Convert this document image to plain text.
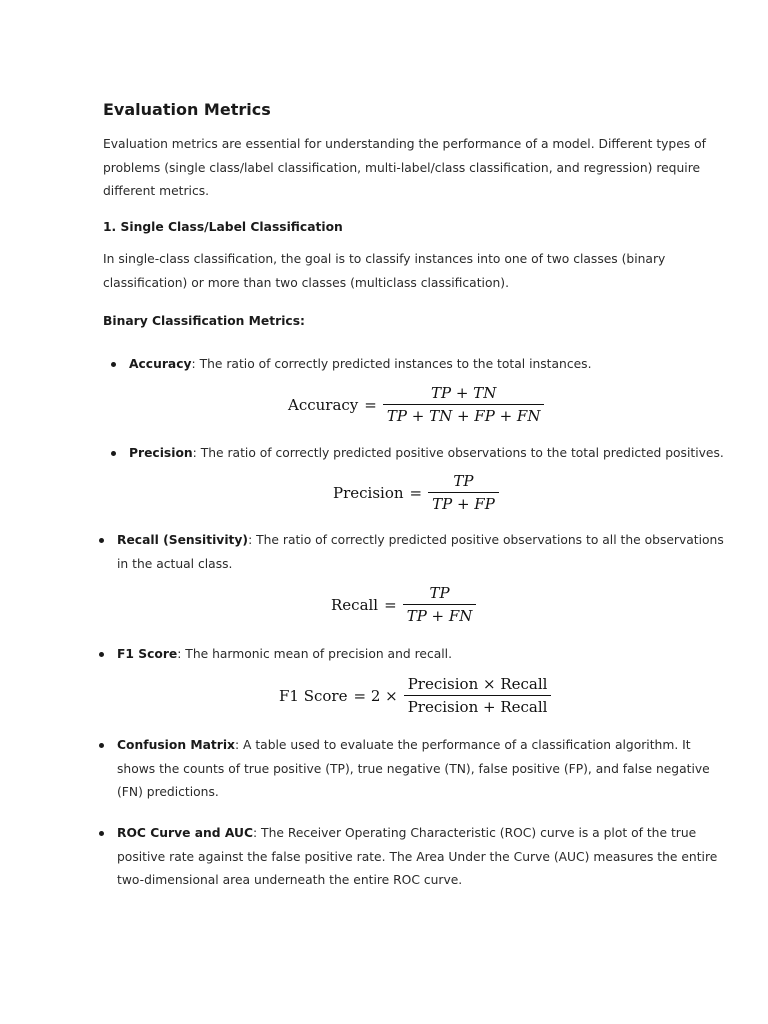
Evaluation Metrics

Evaluation metrics are essential for understanding the performance of a model. Different types of
problems (single class/label classification, multi-label/class classification, and regression) require
different metrics.

1. Single Class/Label Classification

In single-class classification, the goal is to classify instances into one of two classes (binary
classification) or more than two classes (multiclass classification).

Binary Classification Metrics:
Accuracy: The ratio of correctly predicted instances to the total instances.
Accuracy = $\frac{TP + TN}{TP + TN + FP + FN}$
Precision: The ratio of correctly predicted positive observations to the total predicted positives.
Precision = $\frac{TP}{TP + FP}$
Recall (Sensitivity): The ratio of correctly predicted positive observations to all the observations
in the actual class.
Recall = $\frac{TP}{TP + FN}$
F1 Score: The harmonic mean of precision and recall.
F1 Score = $2 \times \frac{\text{Precision × Recall}}{\text{Precision + Recall}}$
Confusion Matrix: A table used to evaluate the performance of a classification algorithm. It
shows the counts of true positive (TP), true negative (TN), false positive (FP), and false negative
(FN) predictions.
ROC Curve and AUC: The Receiver Operating Characteristic (ROC) curve is a plot of the true
positive rate against the false positive rate. The Area Under the Curve (AUC) measures the entire
two-dimensional area underneath the entire ROC curve.
